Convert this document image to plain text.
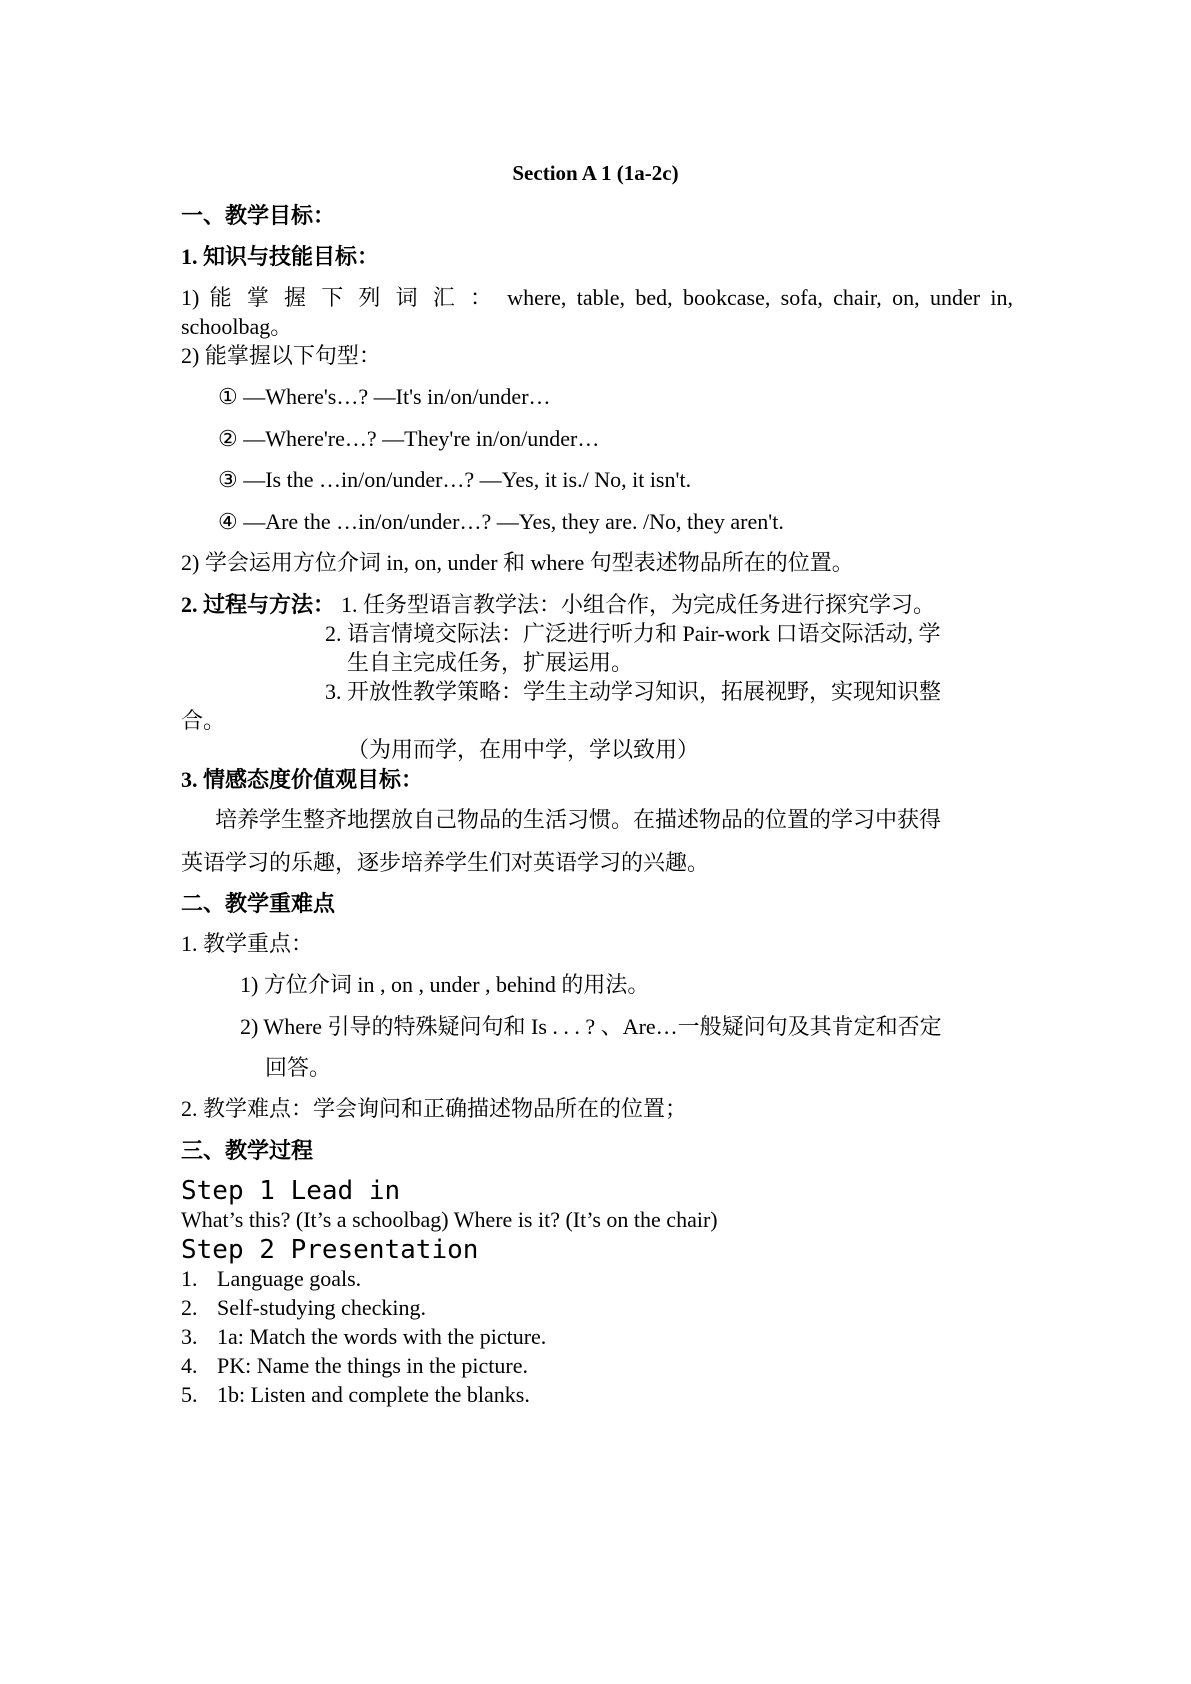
Section A 1 (1a-2c)
一、教学目标：
1. 知识与技能目标：
1) 能 掌 握 下 列 词 汇 ： where, table, bed, bookcase, sofa, chair, on, under in,
schoolbag。
2) 能掌握以下句型：
① —Where's…? —It's in/on/under…
② —Where're…? —They're in/on/under…
③ —Is the …in/on/under…? —Yes, it is./ No, it isn't.
④ —Are the …in/on/under…? —Yes, they are. /No, they aren't.
2) 学会运用方位介词 in, on, under 和 where 句型表述物品所在的位置。
2. 过程与方法： 1. 任务型语言教学法：小组合作，为完成任务进行探究学习。
2. 语言情境交际法：广泛进行听力和 Pair-work 口语交际活动, 学
生自主完成任务，扩展运用。
3. 开放性教学策略：学生主动学习知识，拓展视野，实现知识整
合。
（为用而学，在用中学，学以致用）
3. 情感态度价值观目标：
培养学生整齐地摆放自己物品的生活习惯。在描述物品的位置的学习中获得
英语学习的乐趣，逐步培养学生们对英语学习的兴趣。
二、教学重难点
1. 教学重点：
1) 方位介词 in , on , under , behind 的用法。
2) Where 引导的特殊疑问句和 Is . . . ? 、Are…一般疑问句及其肯定和否定
回答。
2. 教学难点：学会询问和正确描述物品所在的位置；
三、教学过程
Step 1 Lead in
What’s this? (It’s a schoolbag) Where is it? (It’s on the chair)
Step 2 Presentation
1. Language goals.
2. Self-studying checking.
3. 1a: Match the words with the picture.
4. PK: Name the things in the picture.
5. 1b: Listen and complete the blanks.
